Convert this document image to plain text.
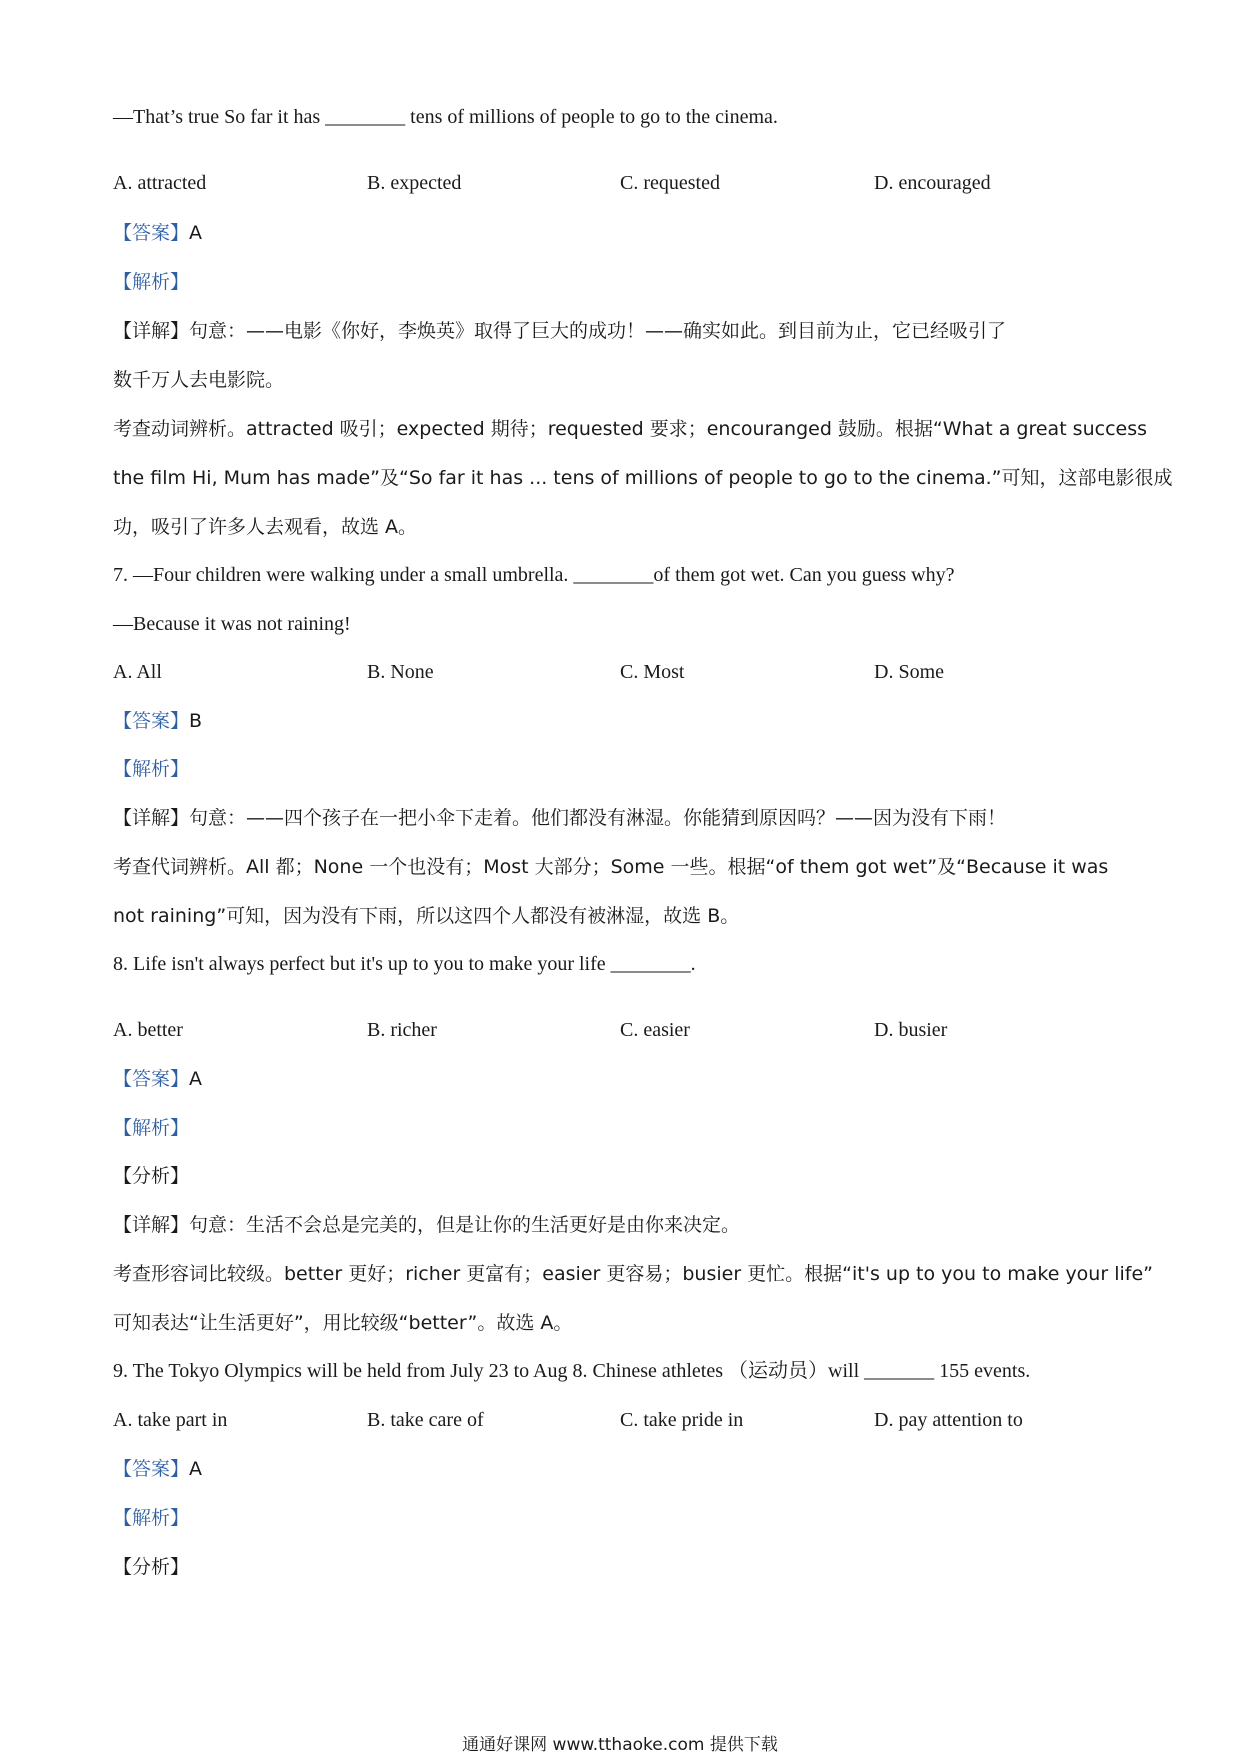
—That’s true So far it has ________ tens of millions of people to go to the cinema.
A. attracted	B. expected	C. requested	D. encouraged
【答案】A
【解析】
【详解】句意：——电影《你好，李焕英》取得了巨大的成功！——确实如此。到目前为止，它已经吸引了
数千万人去电影院。
考查动词辨析。attracted 吸引；expected 期待；requested 要求；encouranged 鼓励。根据“What a great success
the film Hi, Mum has made”及“So far it has ... tens of millions of people to go to the cinema.”可知，这部电影很成
功，吸引了许多人去观看，故选 A。
7. —Four children were walking under a small umbrella. ________of them got wet. Can you guess why?
—Because it was not raining!
A. All	B. None	C. Most	D. Some
【答案】B
【解析】
【详解】句意：——四个孩子在一把小伞下走着。他们都没有淋湿。你能猜到原因吗？——因为没有下雨！
考查代词辨析。All 都；None 一个也没有；Most 大部分；Some 一些。根据“of them got wet”及“Because it was
not raining”可知，因为没有下雨，所以这四个人都没有被淋湿，故选 B。
8. Life isn't always perfect but it's up to you to make your life ________.
A. better	B. richer	C. easier	D. busier
【答案】A
【解析】
【分析】
【详解】句意：生活不会总是完美的，但是让你的生活更好是由你来决定。
考查形容词比较级。better 更好；richer 更富有；easier 更容易；busier 更忙。根据“it's up to you to make your life”
可知表达“让生活更好”，用比较级“better”。故选 A。
9. The Tokyo Olympics will be held from July 23 to Aug 8. Chinese athletes （运动员）will _______ 155 events.
A. take part in	B. take care of	C. take pride in	D. pay attention to
【答案】A
【解析】
【分析】
通通好课网 www.tthaoke.com 提供下载
